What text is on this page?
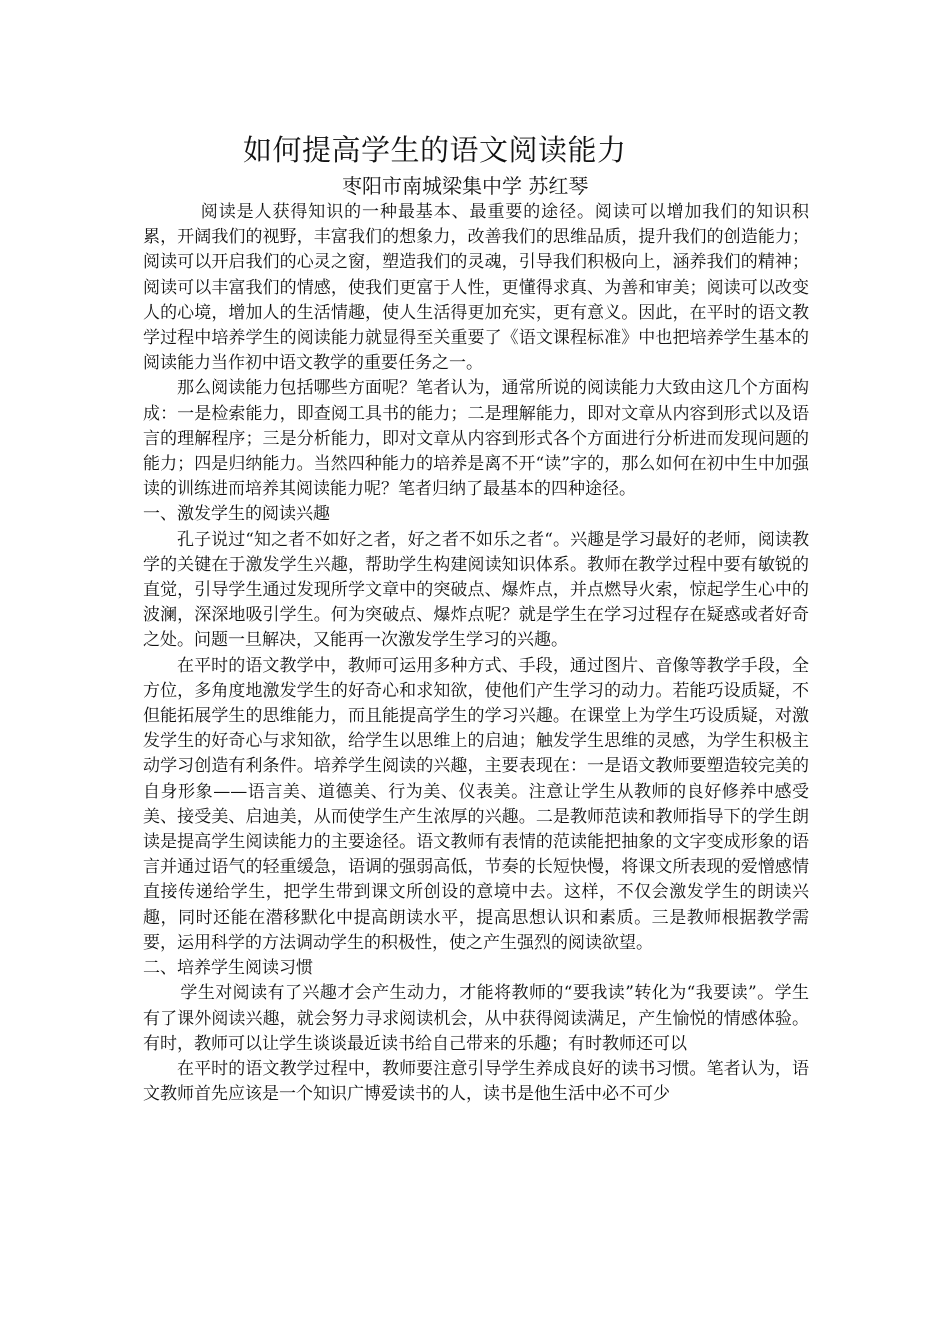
如何提高学生的语文阅读能力
枣阳市南城梁集中学 苏红琴

阅读是人获得知识的一种最基本、最重要的途径。阅读可以增加我们的知识积累，开阔我们的视野，丰富我们的想象力，改善我们的思维品质，提升我们的创造能力；阅读可以开启我们的心灵之窗，塑造我们的灵魂，引导我们积极向上，涵养我们的精神；阅读可以丰富我们的情感，使我们更富于人性，更懂得求真、为善和审美；阅读可以改变人的心境，增加人的生活情趣，使人生活得更加充实，更有意义。因此，在平时的语文教学过程中培养学生的阅读能力就显得至关重要了《语文课程标准》中也把培养学生基本的阅读能力当作初中语文教学的重要任务之一。

那么阅读能力包括哪些方面呢？笔者认为，通常所说的阅读能力大致由这几个方面构成：一是检索能力，即查阅工具书的能力；二是理解能力，即对文章从内容到形式以及语言的理解程序；三是分析能力，即对文章从内容到形式各个方面进行分析进而发现问题的能力；四是归纳能力。当然四种能力的培养是离不开“读”字的，那么如何在初中生中加强读的训练进而培养其阅读能力呢？笔者归纳了最基本的四种途径。

一、激发学生的阅读兴趣

孔子说过“知之者不如好之者，好之者不如乐之者“。兴趣是学习最好的老师，阅读教学的关键在于激发学生兴趣，帮助学生构建阅读知识体系。教师在教学过程中要有敏锐的直觉，引导学生通过发现所学文章中的突破点、爆炸点，并点燃导火索，惊起学生心中的波澜，深深地吸引学生。何为突破点、爆炸点呢？就是学生在学习过程存在疑惑或者好奇之处。问题一旦解决，又能再一次激发学生学习的兴趣。

在平时的语文教学中，教师可运用多种方式、手段，通过图片、音像等教学手段，全方位，多角度地激发学生的好奇心和求知欲，使他们产生学习的动力。若能巧设质疑，不但能拓展学生的思维能力，而且能提高学生的学习兴趣。在课堂上为学生巧设质疑，对激发学生的好奇心与求知欲，给学生以思维上的启迪；触发学生思维的灵感，为学生积极主动学习创造有利条件。培养学生阅读的兴趣，主要表现在：一是语文教师要塑造较完美的自身形象——语言美、道德美、行为美、仪表美。注意让学生从教师的良好修养中感受美、接受美、启迪美，从而使学生产生浓厚的兴趣。二是教师范读和教师指导下的学生朗读是提高学生阅读能力的主要途径。语文教师有表情的范读能把抽象的文字变成形象的语言并通过语气的轻重缓急，语调的强弱高低，节奏的长短快慢，将课文所表现的爱憎感情直接传递给学生，把学生带到课文所创设的意境中去。这样，不仅会激发学生的朗读兴趣，同时还能在潜移默化中提高朗读水平，提高思想认识和素质。三是教师根据教学需要，运用科学的方法调动学生的积极性，使之产生强烈的阅读欲望。

二、培养学生阅读习惯

学生对阅读有了兴趣才会产生动力，才能将教师的“要我读”转化为“我要读”。学生有了课外阅读兴趣，就会努力寻求阅读机会，从中获得阅读满足，产生愉悦的情感体验。有时，教师可以让学生谈谈最近读书给自己带来的乐趣；有时教师还可以

在平时的语文教学过程中，教师要注意引导学生养成良好的读书习惯。笔者认为，语文教师首先应该是一个知识广博爱读书的人，读书是他生活中必不可少
